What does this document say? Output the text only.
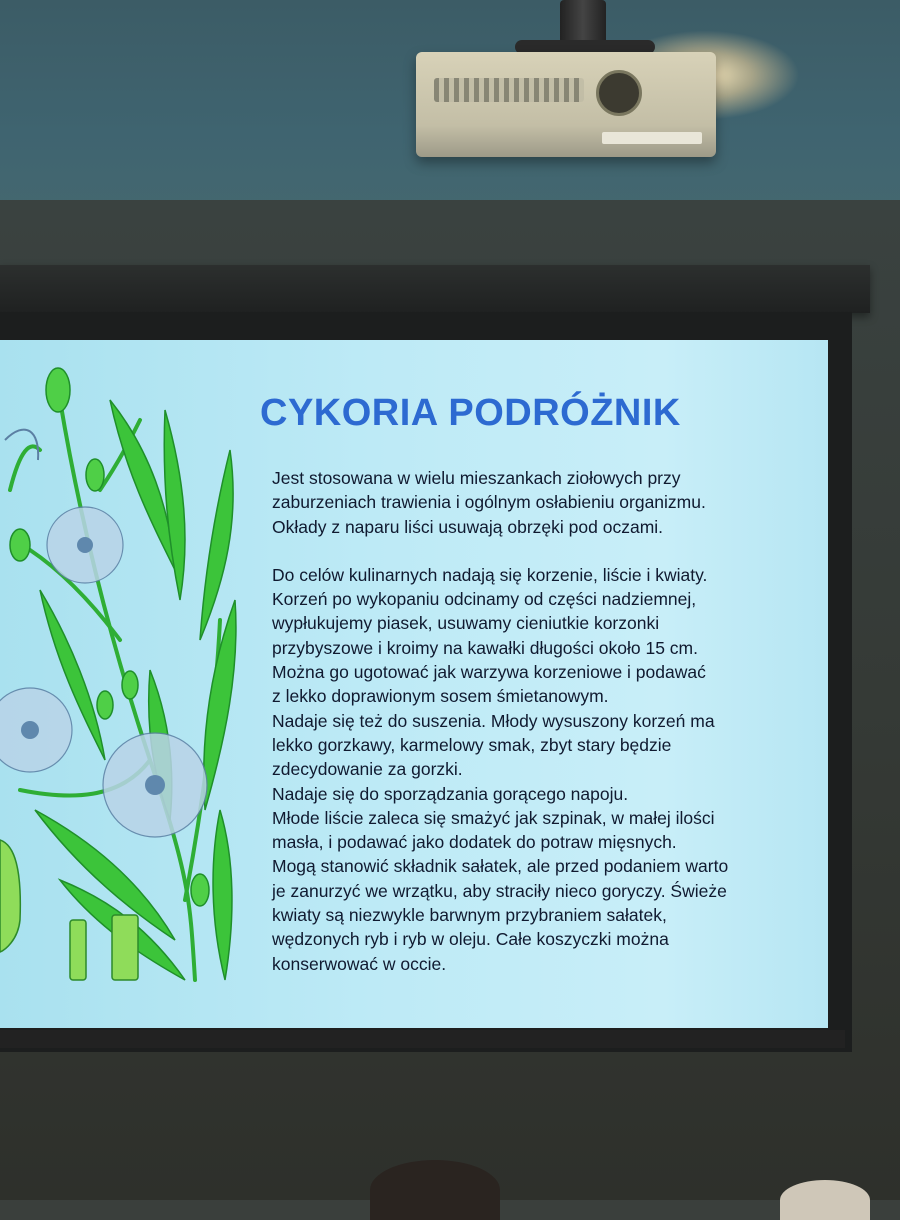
CYKORIA PODRÓŻNIK

Jest stosowana w wielu mieszankach ziołowych przy
zaburzeniach trawienia i ogólnym osłabieniu organizmu.
Okłady z naparu liści usuwają obrzęki pod oczami.

Do celów kulinarnych nadają się korzenie, liście i kwiaty.
Korzeń po wykopaniu odcinamy od części nadziemnej,
wypłukujemy piasek, usuwamy cieniutkie korzonki
przybyszowe i kroimy na kawałki długości około 15 cm.
Można go ugotować jak warzywa korzeniowe i podawać
z lekko doprawionym sosem śmietanowym.
Nadaje się też do suszenia. Młody wysuszony korzeń ma
lekko gorzkawy, karmelowy smak, zbyt stary będzie
zdecydowanie za gorzki.
Nadaje się do sporządzania gorącego napoju.
Młode liście zaleca się smażyć jak szpinak, w małej ilości
masła, i podawać jako dodatek do potraw mięsnych.
Mogą stanowić składnik sałatek, ale przed podaniem warto
je zanurzyć we wrzątku, aby straciły nieco goryczy. Świeże
kwiaty są niezwykle barwnym przybraniem sałatek,
wędzonych ryb i ryb w oleju. Całe koszyczki można
konserwować w occie.
